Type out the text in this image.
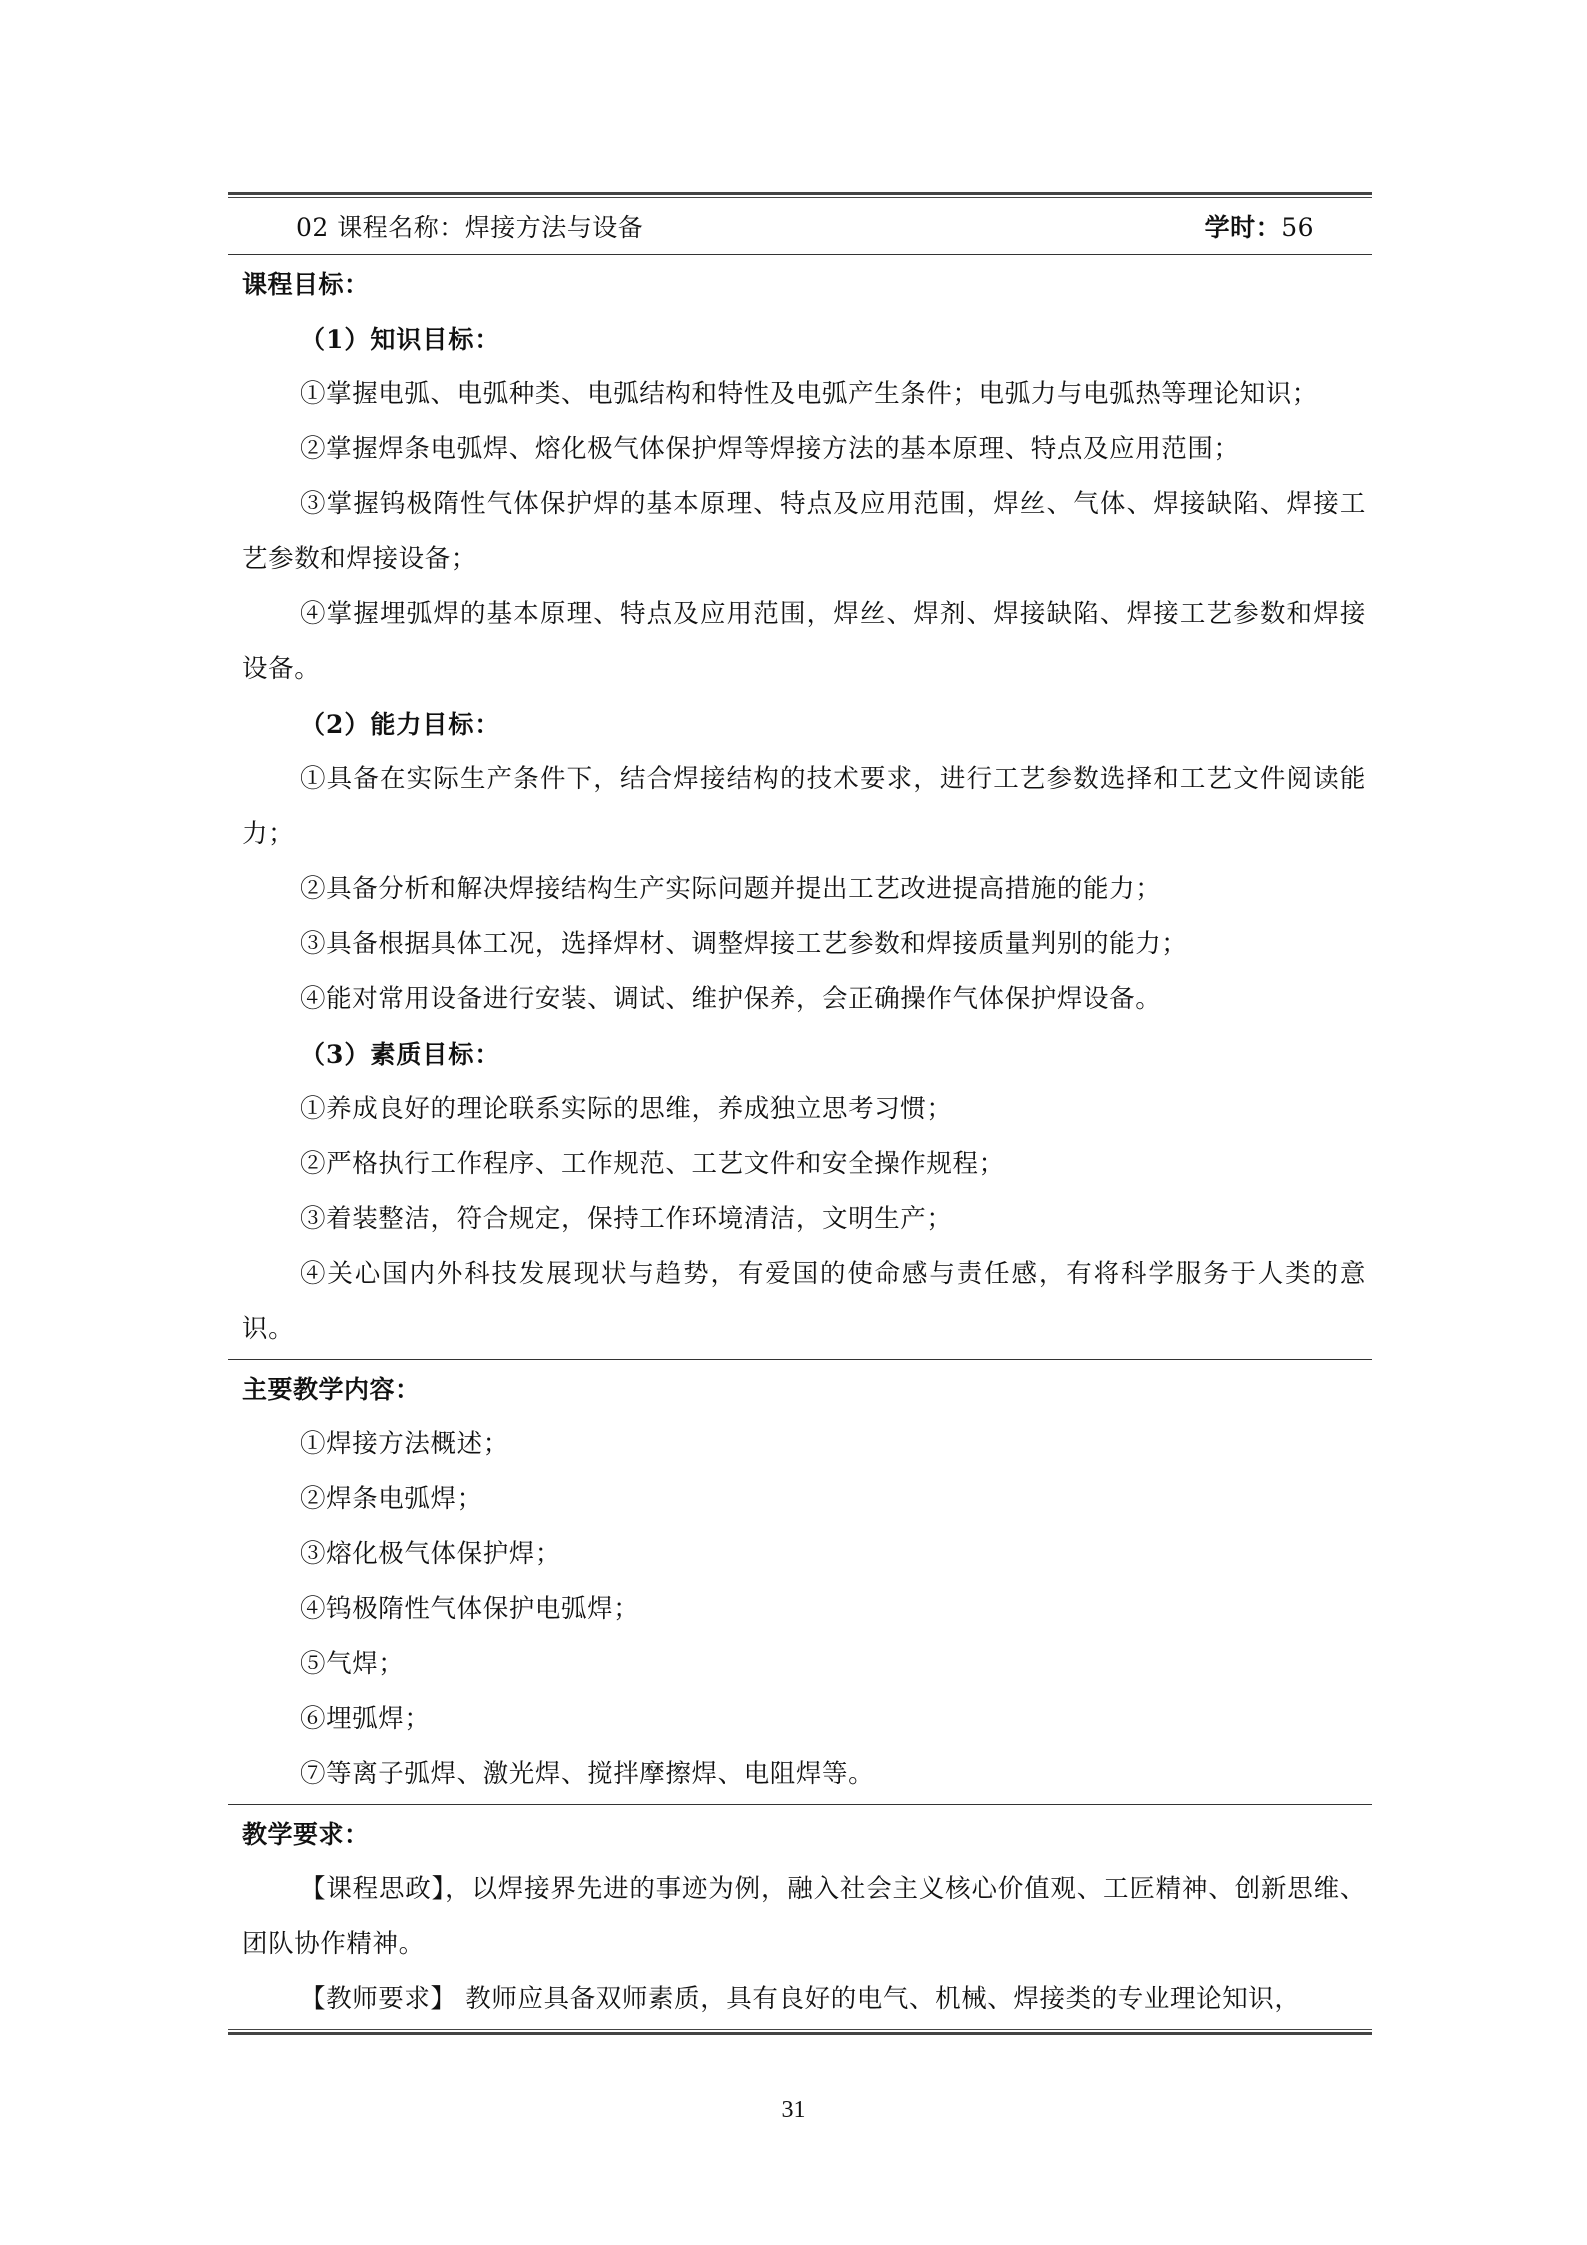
02 课程名称：焊接方法与设备	学时：56
课程目标：
（1）知识目标：
①掌握电弧、电弧种类、电弧结构和特性及电弧产生条件；电弧力与电弧热等理论知识；
②掌握焊条电弧焊、熔化极气体保护焊等焊接方法的基本原理、特点及应用范围；
③掌握钨极隋性气体保护焊的基本原理、特点及应用范围，焊丝、气体、焊接缺陷、焊接工艺参数和焊接设备；
④掌握埋弧焊的基本原理、特点及应用范围，焊丝、焊剂、焊接缺陷、焊接工艺参数和焊接设备。
（2）能力目标：
①具备在实际生产条件下，结合焊接结构的技术要求，进行工艺参数选择和工艺文件阅读能力；
②具备分析和解决焊接结构生产实际问题并提出工艺改进提高措施的能力；
③具备根据具体工况，选择焊材、调整焊接工艺参数和焊接质量判别的能力；
④能对常用设备进行安装、调试、维护保养，会正确操作气体保护焊设备。
（3）素质目标：
①养成良好的理论联系实际的思维，养成独立思考习惯；
②严格执行工作程序、工作规范、工艺文件和安全操作规程；
③着装整洁，符合规定，保持工作环境清洁，文明生产；
④关心国内外科技发展现状与趋势，有爱国的使命感与责任感，有将科学服务于人类的意识。
主要教学内容：
①焊接方法概述；
②焊条电弧焊；
③熔化极气体保护焊；
④钨极隋性气体保护电弧焊；
⑤气焊；
⑥埋弧焊；
⑦等离子弧焊、激光焊、搅拌摩擦焊、电阻焊等。
教学要求：
【课程思政】，以焊接界先进的事迹为例，融入社会主义核心价值观、工匠精神、创新思维、团队协作精神。
【教师要求】 教师应具备双师素质，具有良好的电气、机械、焊接类的专业理论知识，
31
